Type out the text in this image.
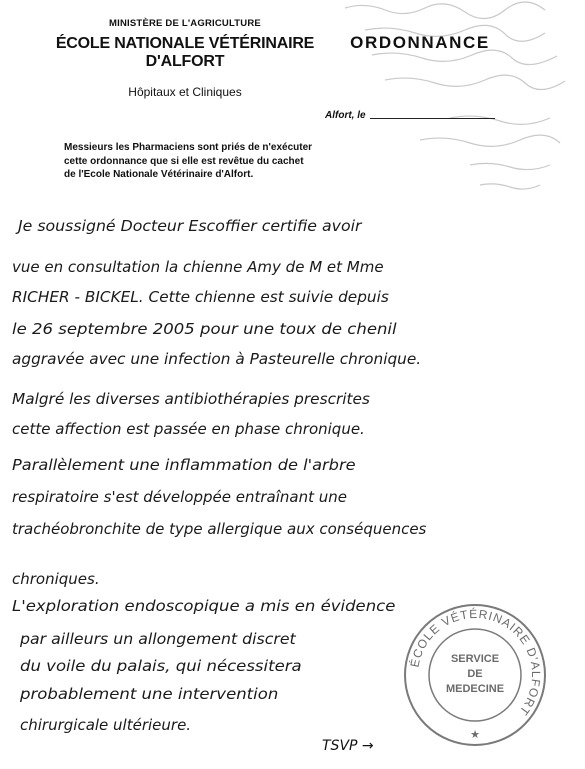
MINISTÈRE DE L'AGRICULTURE
ÉCOLE NATIONALE VÉTÉRINAIRE
D'ALFORT
Hôpitaux et Cliniques
ORDONNANCE
Alfort, le
Messieurs les Pharmaciens sont priés de n'exécuter cette ordonnance que si elle est revêtue du cachet de l'Ecole Nationale Vétérinaire d'Alfort.
Je soussigné Docteur Escoffier certifie avoir
vue en consultation la chienne Amy de M et Mme
RICHER - BICKEL. Cette chienne est suivie depuis
le 26 septembre 2005 pour une toux de chenil
aggravée avec une infection à Pasteurelle chronique.
Malgré les diverses antibiothérapies prescrites
cette affection est passée en phase chronique.
Parallèlement une inflammation de l'arbre
respiratoire s'est développée entraînant une
trachéobronchite de type allergique aux conséquences
chroniques.
L'exploration endoscopique a mis en évidence
par ailleurs un allongement discret
du voile du palais, qui nécessitera
probablement une intervention
chirurgicale ultérieure.
ÉCOLE VÉTÉRINAIRE D'ALFORT
SERVICE
DE
MEDECINE
★
TSVP →
